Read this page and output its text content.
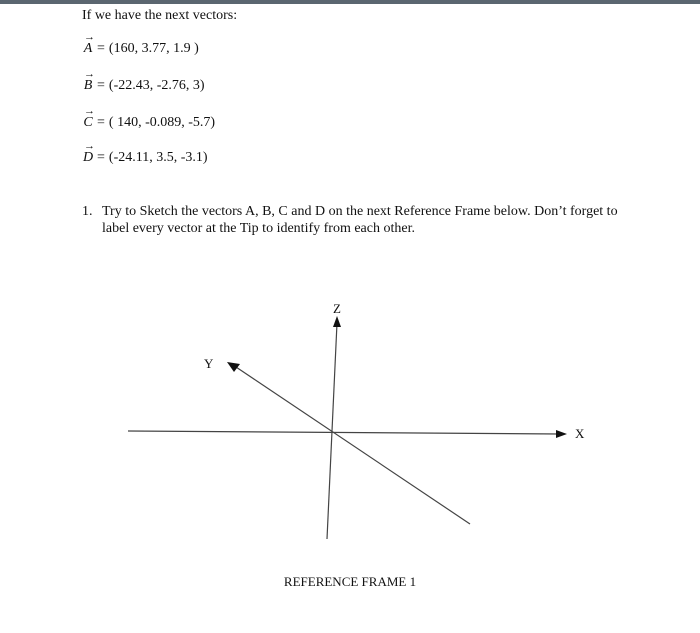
If we have the next vectors:
→
A = (160, 3.77, 1.9 )
→
B = (-22.43, -2.76, 3)
→
C = ( 140, -0.089, -5.7)
→
D = (-24.11, 3.5, -3.1)
1. Try to Sketch the vectors A, B, C and D on the next Reference Frame below. Don’t forget to label every vector at the Tip to identify from each other.
X
Y
Z
REFERENCE FRAME 1
